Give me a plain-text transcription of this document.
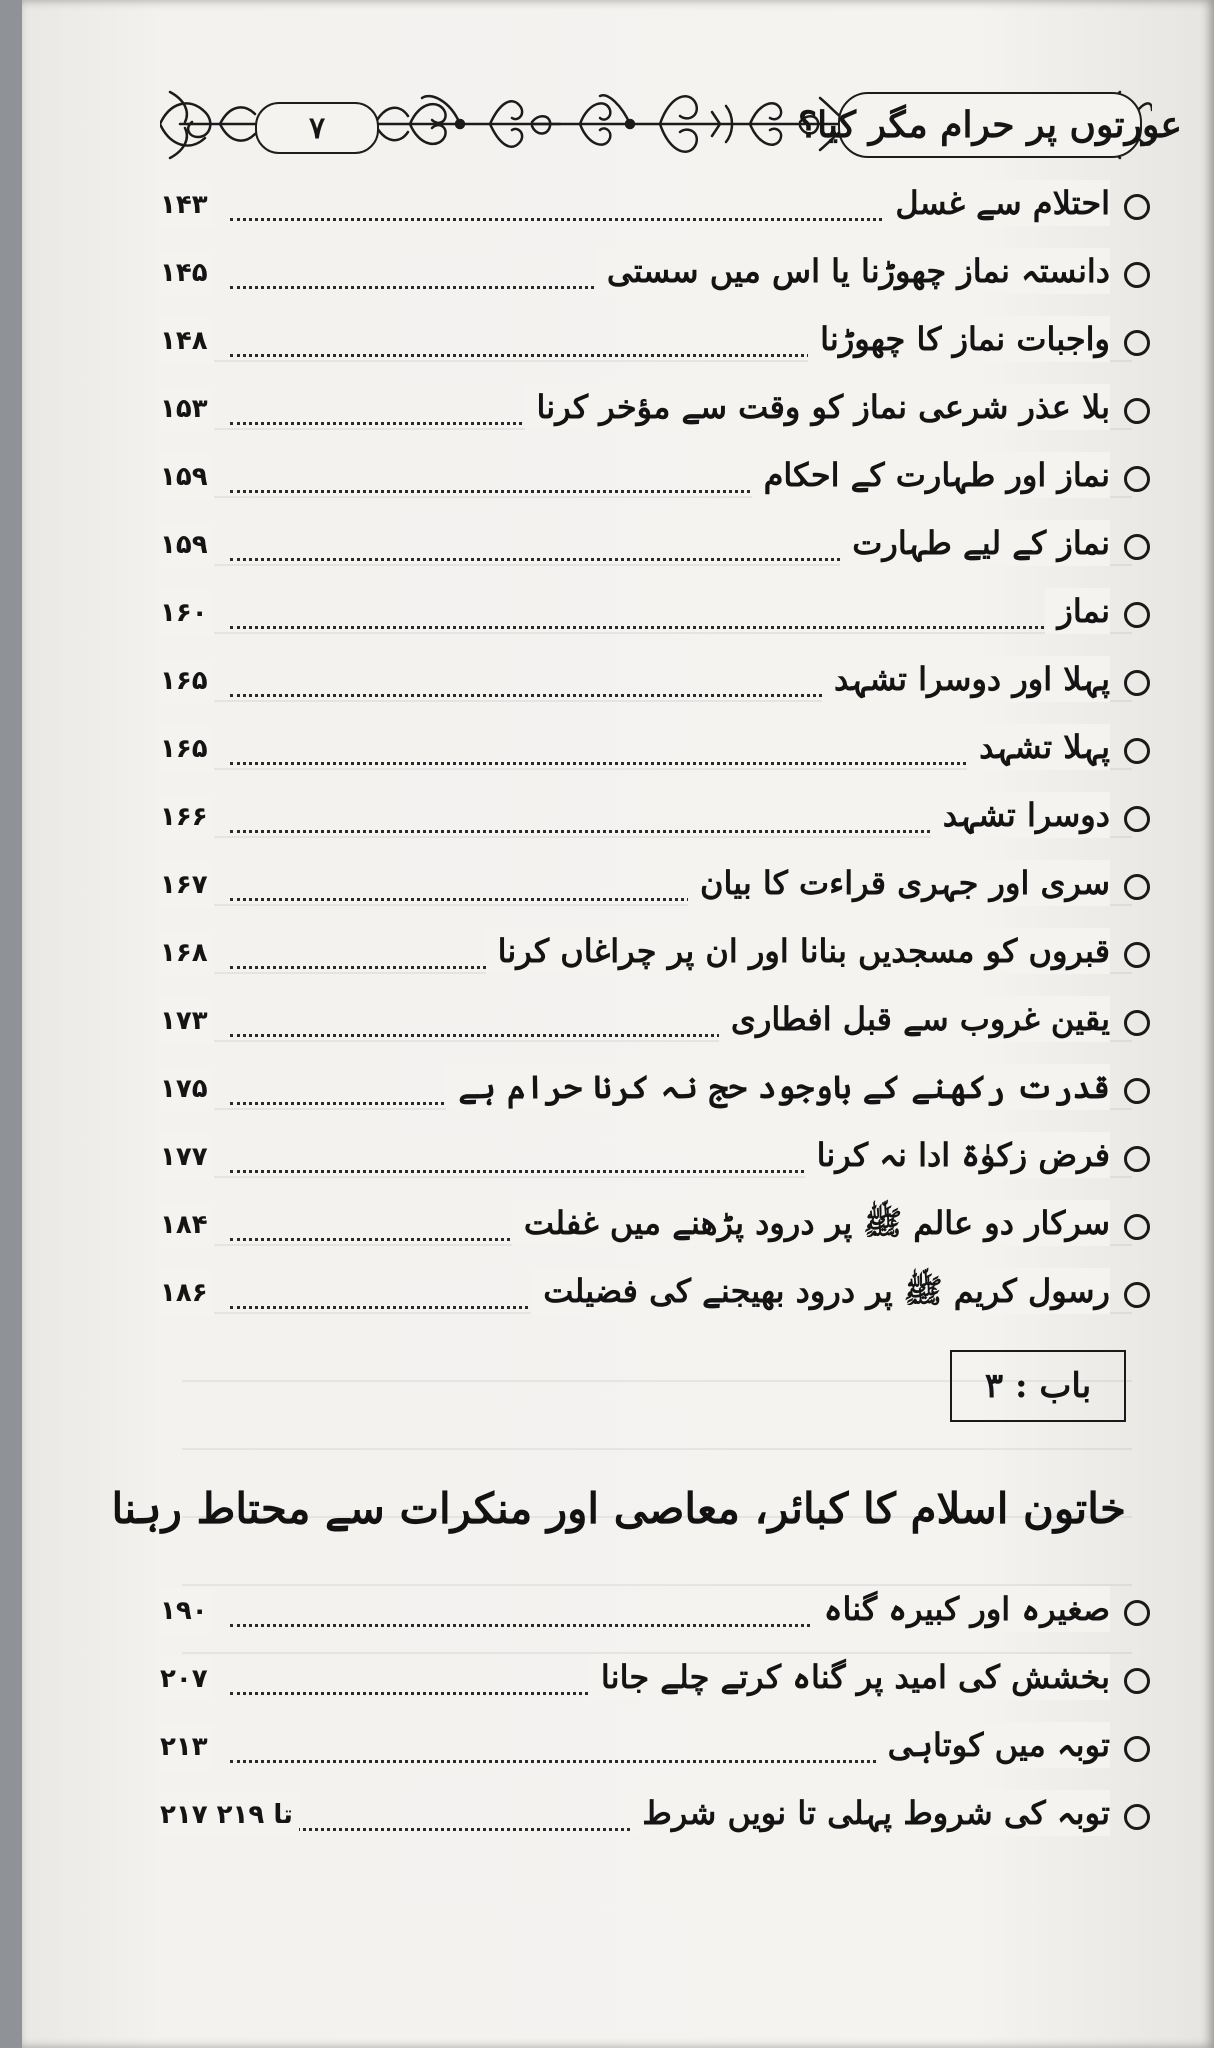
۷	عورتوں پر حرام مگر کیا؟
احتلام سے غسل
۱۴۳
دانستہ نماز چھوڑنا یا اس میں سستی
۱۴۵
واجبات نماز کا چھوڑنا
۱۴۸
بلا عذر شرعی نماز کو وقت سے مؤخر کرنا
۱۵۳
نماز اور طہارت کے احکام
۱۵۹
نماز کے لیے طہارت
۱۵۹
نماز
۱۶۰
پہلا اور دوسرا تشہد
۱۶۵
پہلا تشہد
۱۶۵
دوسرا تشہد
۱۶۶
سری اور جہری قراءت کا بیان
۱۶۷
قبروں کو مسجدیں بنانا اور ان پر چراغاں کرنا
۱۶۸
یقین غروب سے قبل افطاری
۱۷۳
قدرت رکھنے کے باوجود حج نہ کرنا حرام ہے
۱۷۵
فرض زکوٰۃ ادا نہ کرنا
۱۷۷
سرکار دو عالم ﷺ پر درود پڑھنے میں غفلت
۱۸۴
رسول کریم ﷺ پر درود بھیجنے کی فضیلت
۱۸۶
باب : ۳
خاتون اسلام کا کبائر، معاصی اور منکرات سے محتاط رہنا
صغیرہ اور کبیرہ گناہ
۱۹۰
بخشش کی امید پر گناہ کرتے چلے جانا
۲۰۷
توبہ میں کوتاہی
۲۱۳
توبہ کی شروط پہلی تا نویں شرط
۲۱۷ تا ۲۱۹
